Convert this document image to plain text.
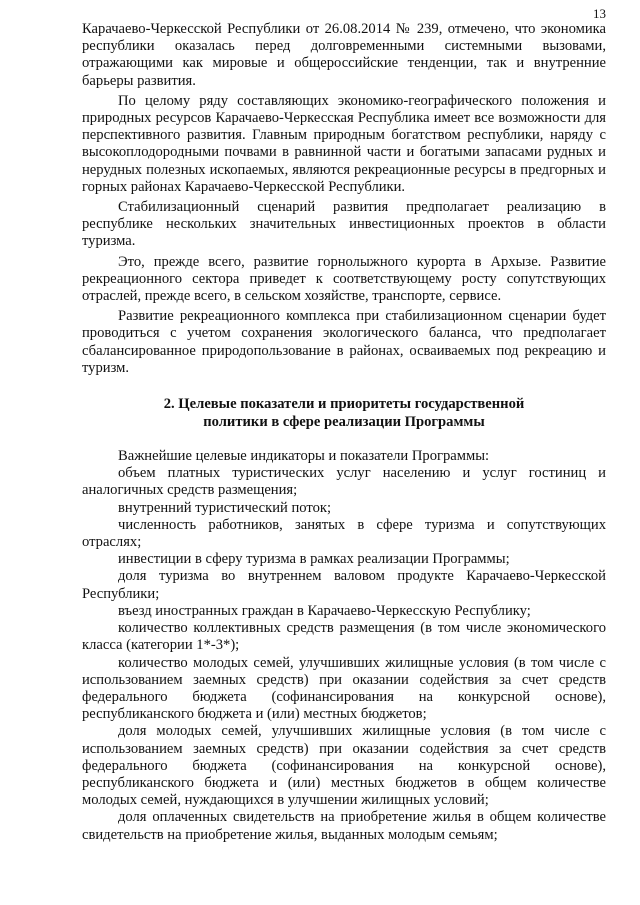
13

Карачаево-Черкесской Республики от 26.08.2014 № 239, отмечено, что экономика республики оказалась перед долговременными системными вызовами, отражающими как мировые и общероссийские тенденции, так и внутренние барьеры развития.

По целому ряду составляющих экономико-географического положения и природных ресурсов Карачаево-Черкесская Республика имеет все возможности для перспективного развития. Главным природным богатством республики, наряду с высокоплодородными почвами в равнинной части и богатыми запасами рудных и нерудных полезных ископаемых, являются рекреационные ресурсы в предгорных и горных районах Карачаево-Черкесской Республики.

Стабилизационный сценарий развития предполагает реализацию в республике нескольких значительных инвестиционных проектов в области туризма.

Это, прежде всего, развитие горнолыжного курорта в Архызе. Развитие рекреационного сектора приведет к соответствующему росту сопутствующих отраслей, прежде всего, в сельском хозяйстве, транспорте, сервисе.

Развитие рекреационного комплекса при стабилизационном сценарии будет проводиться с учетом сохранения экологического баланса, что предполагает сбалансированное природопользование в районах, осваиваемых под рекреацию и туризм.

2. Целевые показатели и приоритеты государственной
политики в сфере реализации Программы

Важнейшие целевые индикаторы и показатели Программы:

объем платных туристических услуг населению и услуг гостиниц и аналогичных средств размещения;

внутренний туристический поток;

численность работников, занятых в сфере туризма и сопутствующих отраслях;

инвестиции в сферу туризма в рамках реализации Программы;

доля туризма во внутреннем валовом продукте Карачаево-Черкесской Республики;

въезд иностранных граждан в Карачаево-Черкесскую Республику;

количество коллективных средств размещения (в том числе экономического класса (категории 1*-3*);

количество молодых семей, улучшивших жилищные условия (в том числе с использованием заемных средств) при оказании содействия за счет средств федерального бюджета (софинансирования на конкурсной основе), республиканского бюджета и (или) местных бюджетов;

доля молодых семей, улучшивших жилищные условия (в том числе с использованием заемных средств) при оказании содействия за счет средств федерального бюджета (софинансирования на конкурсной основе), республиканского бюджета и (или) местных бюджетов в общем количестве молодых семей, нуждающихся в улучшении жилищных условий;

доля оплаченных свидетельств на приобретение жилья в общем количестве свидетельств на приобретение жилья, выданных молодым семьям;
